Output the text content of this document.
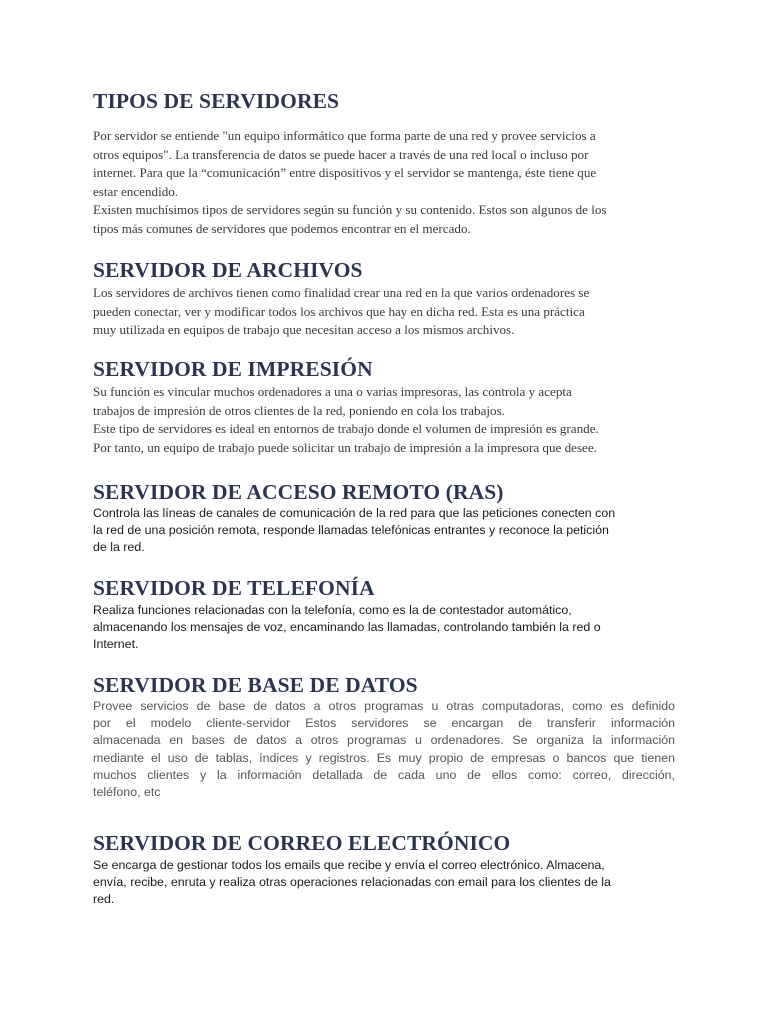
TIPOS DE SERVIDORES
Por servidor se entiende "un equipo informático que forma parte de una red y provee servicios a
otros equipos". La transferencia de datos se puede hacer a través de una red local o incluso por
internet. Para que la “comunicación” entre dispositivos y el servidor se mantenga, éste tiene que
estar encendido.
Existen muchísimos tipos de servidores según su función y su contenido. Estos son algunos de los
tipos más comunes de servidores que podemos encontrar en el mercado.
SERVIDOR DE ARCHIVOS
Los servidores de archivos tienen como finalidad crear una red en la que varios ordenadores se
pueden conectar, ver y modificar todos los archivos que hay en dicha red. Esta es una práctica
muy utilizada en equipos de trabajo que necesitan acceso a los mismos archivos.
SERVIDOR DE IMPRESIÓN
Su función es vincular muchos ordenadores a una o varias impresoras, las controla y acepta
trabajos de impresión de otros clientes de la red, poniendo en cola los trabajos.
Este tipo de servidores es ideal en entornos de trabajo donde el volumen de impresión es grande.
Por tanto, un equipo de trabajo puede solicitar un trabajo de impresión a la impresora que desee.
SERVIDOR DE ACCESO REMOTO (RAS)
Controla las líneas de canales de comunicación de la red para que las peticiones conecten con
la red de una posición remota, responde llamadas telefónicas entrantes y reconoce la petición
de la red.
SERVIDOR DE TELEFONÍA
Realiza funciones relacionadas con la telefonía, como es la de contestador automático,
almacenando los mensajes de voz, encaminando las llamadas, controlando también la red o
Internet.
SERVIDOR DE BASE DE DATOS
Provee servicios de base de datos a otros programas u otras computadoras, como es definido
por el modelo cliente-servidor Estos servidores se encargan de transferir información
almacenada en bases de datos a otros programas u ordenadores. Se organiza la información
mediante el uso de tablas, índices y registros. Es muy propio de empresas o bancos que tienen
muchos clientes y la información detallada de cada uno de ellos como: correo, dirección,
teléfono, etc
SERVIDOR DE CORREO ELECTRÓNICO
Se encarga de gestionar todos los emails que recibe y envía el correo electrónico. Almacena,
envía, recibe, enruta y realiza otras operaciones relacionadas con email para los clientes de la
red.
